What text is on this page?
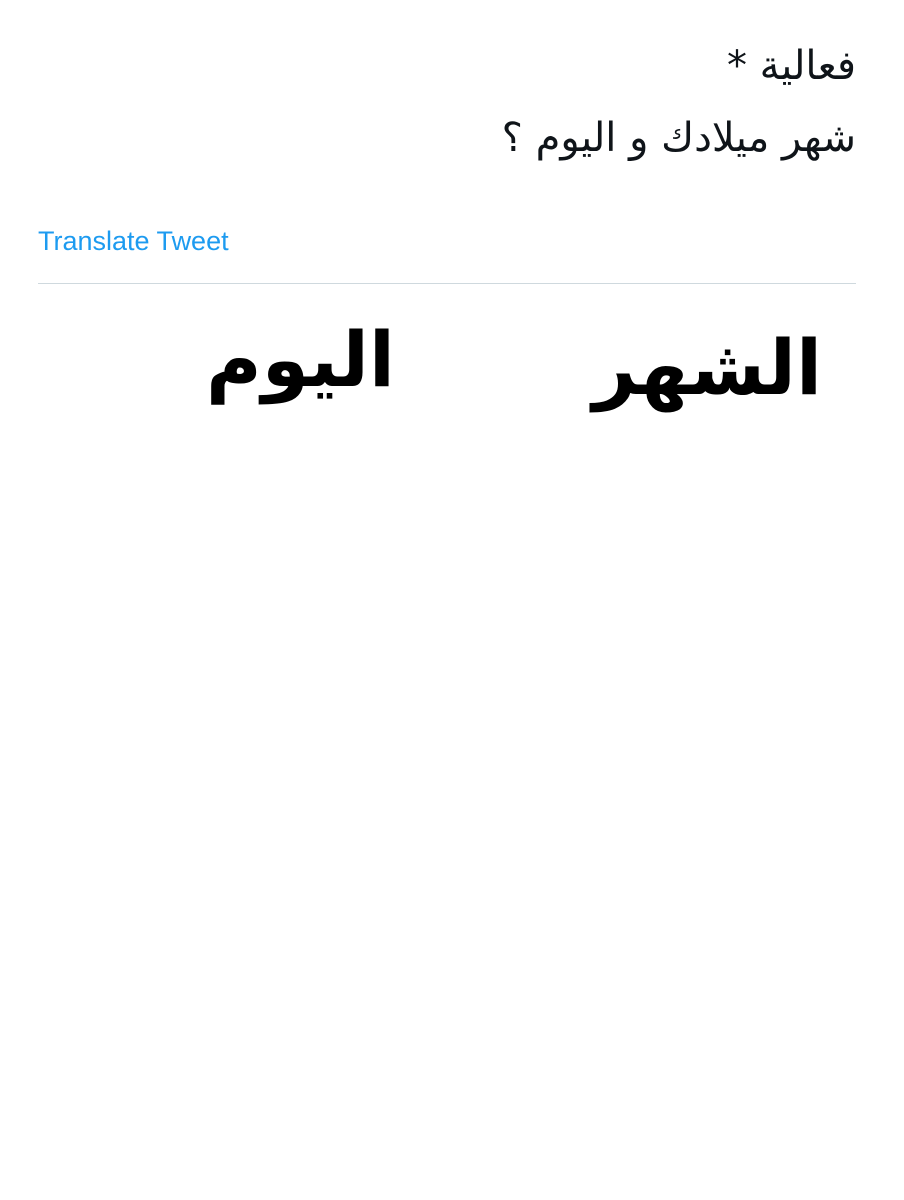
فعالية *
شهر ميلادك و اليوم ؟
Translate Tweet
الشهر
اليوم
